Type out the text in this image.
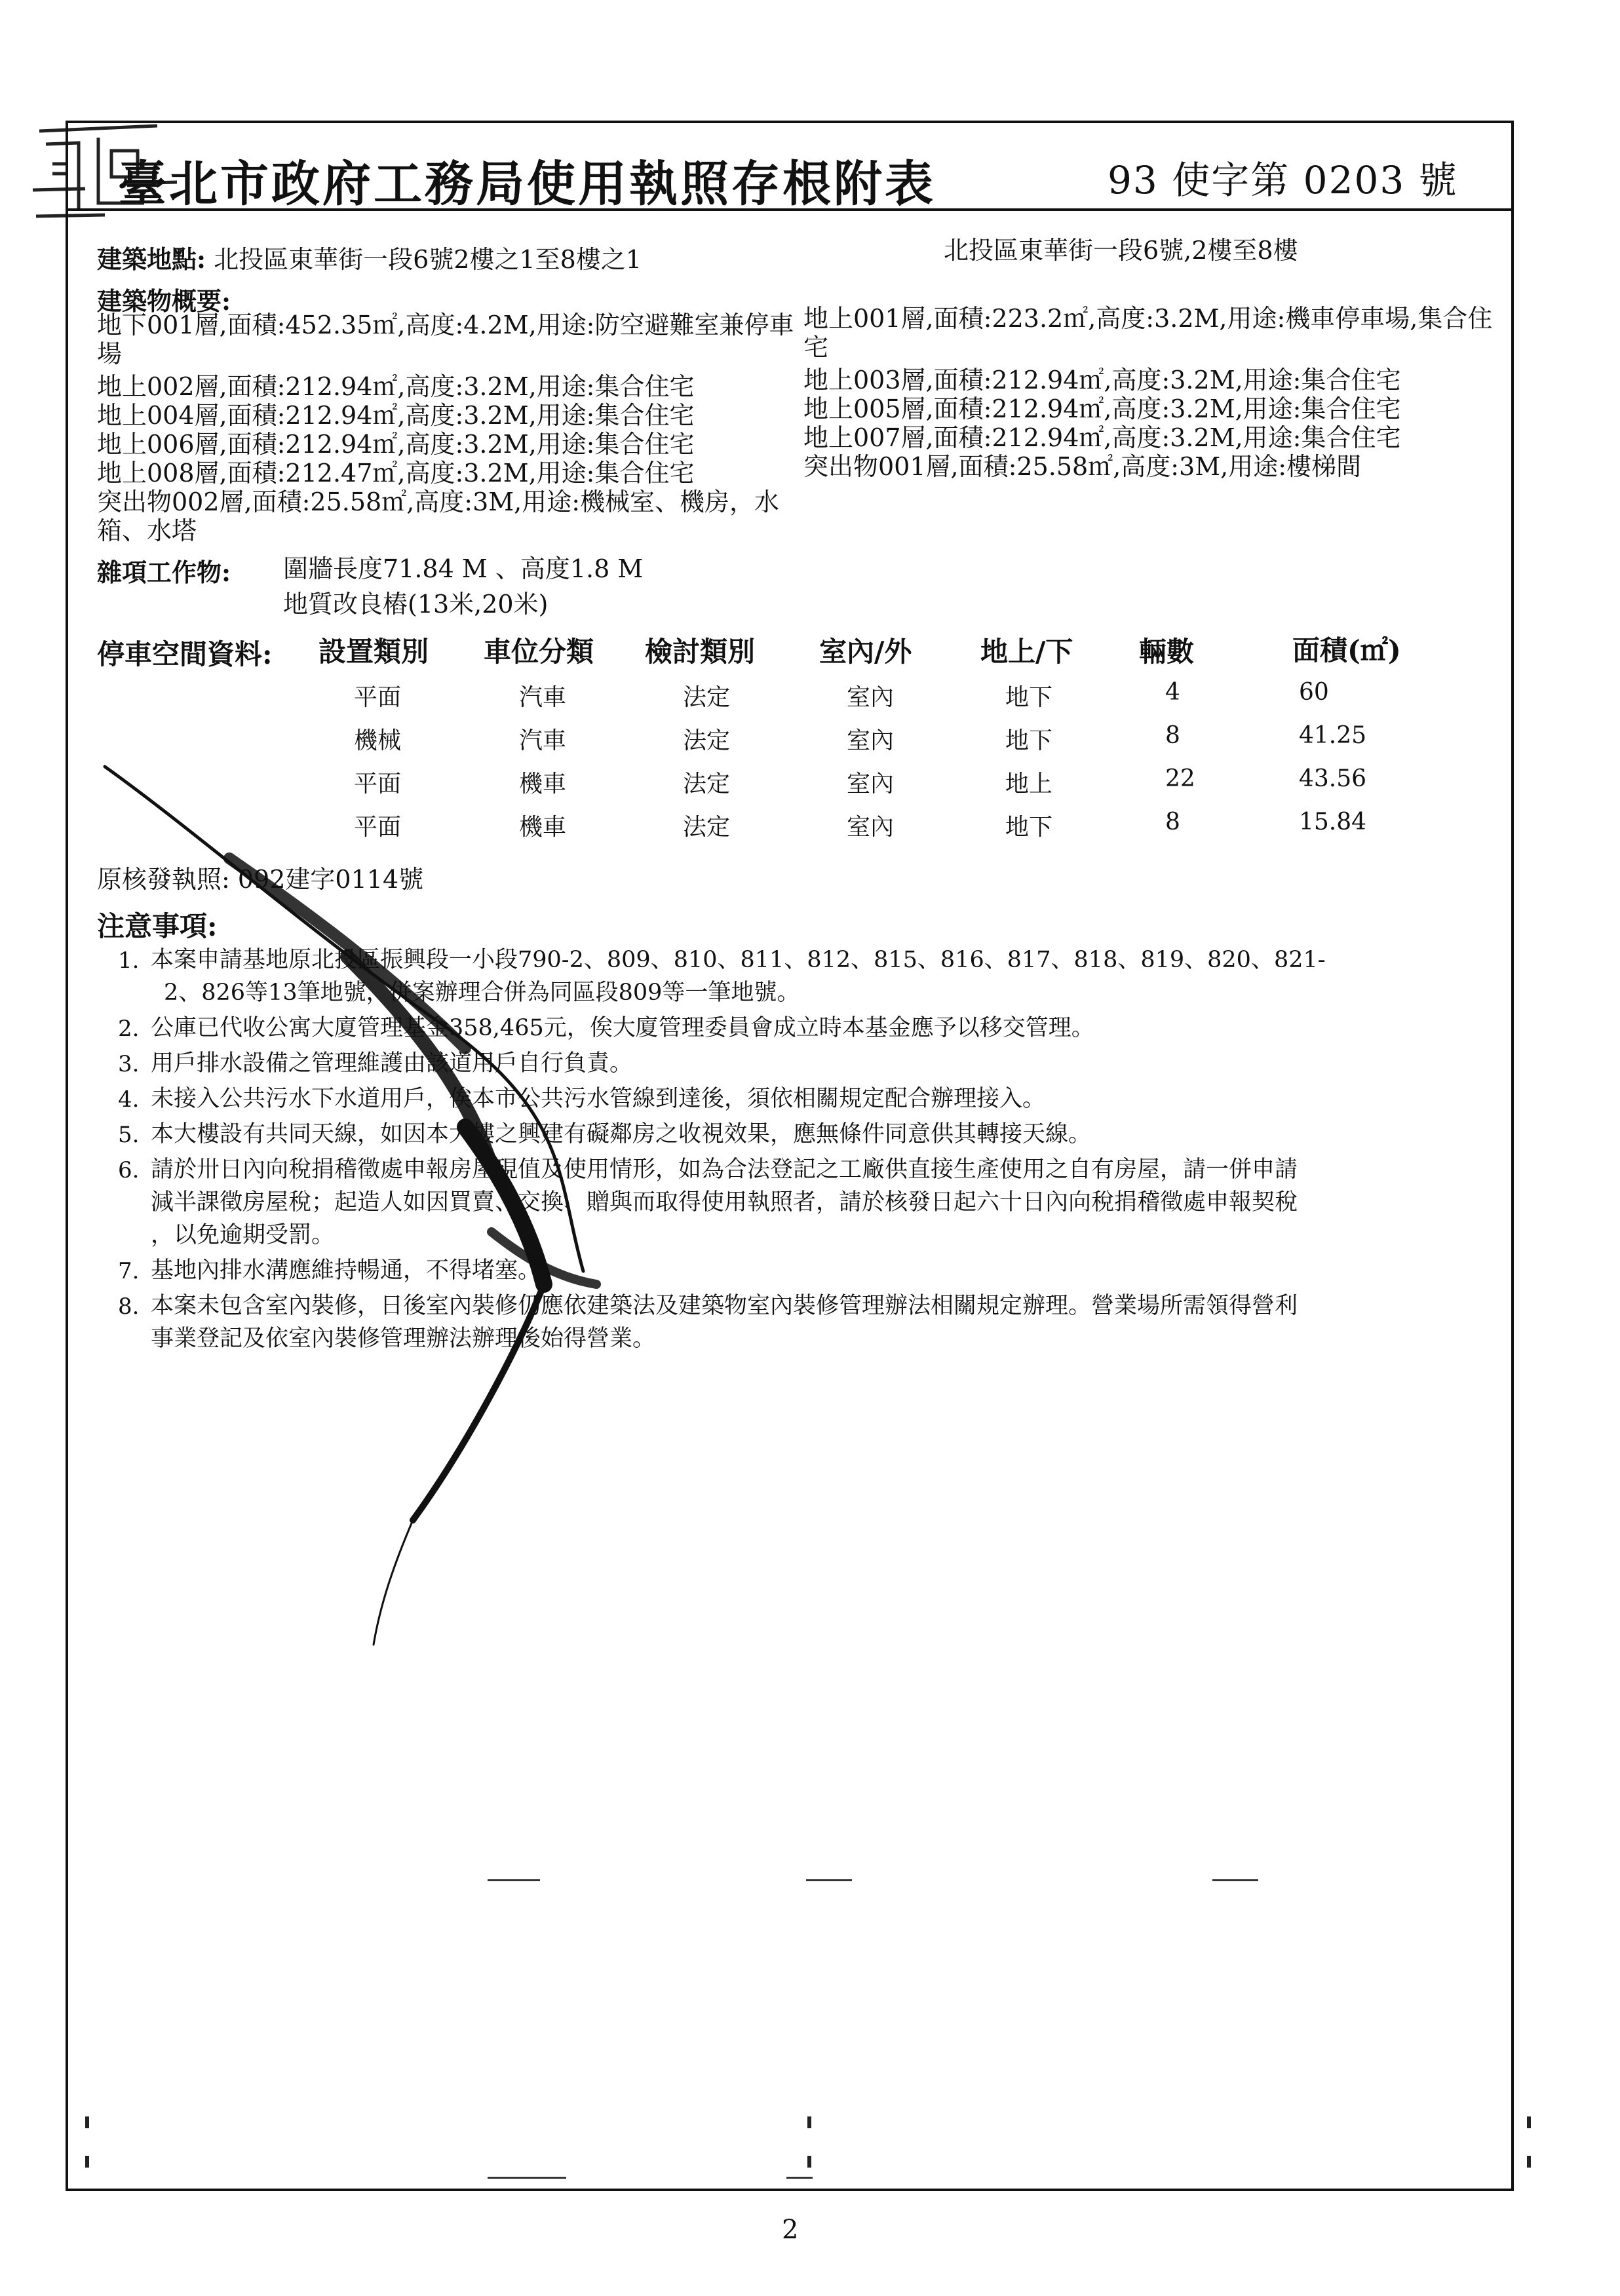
臺北市政府工務局使用執照存根附表	93 使字第 0203 號
建築地點: 北投區東華街一段6號2樓之1至8樓之1	北投區東華街一段6號,2樓至8樓
建築物概要:
地下001層,面積:452.35㎡,高度:4.2M,用途:防空避難室兼停車
場
地上002層,面積:212.94㎡,高度:3.2M,用途:集合住宅
地上004層,面積:212.94㎡,高度:3.2M,用途:集合住宅
地上006層,面積:212.94㎡,高度:3.2M,用途:集合住宅
地上008層,面積:212.47㎡,高度:3.2M,用途:集合住宅
突出物002層,面積:25.58㎡,高度:3M,用途:機械室、機房，水
箱、水塔
地上001層,面積:223.2㎡,高度:3.2M,用途:機車停車場,集合住
宅
地上003層,面積:212.94㎡,高度:3.2M,用途:集合住宅
地上005層,面積:212.94㎡,高度:3.2M,用途:集合住宅
地上007層,面積:212.94㎡,高度:3.2M,用途:集合住宅
突出物001層,面積:25.58㎡,高度:3M,用途:樓梯間
雜項工作物: 圍牆長度71.84 M 、高度1.8 M
地質改良樁(13米,20米)
停車空間資料: 設置類別 車位分類 檢討類別 室內/外 地上/下 輛數	面積(㎡)
平面	汽車	法定	室內	地下	4	60
機械	汽車	法定	室內	地下	8	41.25
平面	機車	法定	室內	地上	22	43.56
平面	機車	法定	室內	地下	8	15.84
原核發執照: 092建字0114號
注意事項:
1. 本案申請基地原北投區振興段一小段790-2、809、810、811、812、815、816、817、818、819、820、821-
2、826等13筆地號，併案辦理合併為同區段809等一筆地號。
2. 公庫已代收公寓大廈管理基金358,465元，俟大廈管理委員會成立時本基金應予以移交管理。
3. 用戶排水設備之管理維護由該道用戶自行負責。
4. 未接入公共污水下水道用戶，俟本市公共污水管線到達後，須依相關規定配合辦理接入。
5. 本大樓設有共同天線，如因本大樓之興建有礙鄰房之收視效果，應無條件同意供其轉接天線。
6. 請於卅日內向稅捐稽徵處申報房屋現值及使用情形，如為合法登記之工廠供直接生產使用之自有房屋，請一併申請
減半課徵房屋稅；起造人如因買賣、交換、贈與而取得使用執照者，請於核發日起六十日內向稅捐稽徵處申報契稅
，以免逾期受罰。
7. 基地內排水溝應維持暢通，不得堵塞。
8. 本案未包含室內裝修，日後室內裝修仍應依建築法及建築物室內裝修管理辦法相關規定辦理。營業場所需領得營利
事業登記及依室內裝修管理辦法辦理後始得營業。
2
